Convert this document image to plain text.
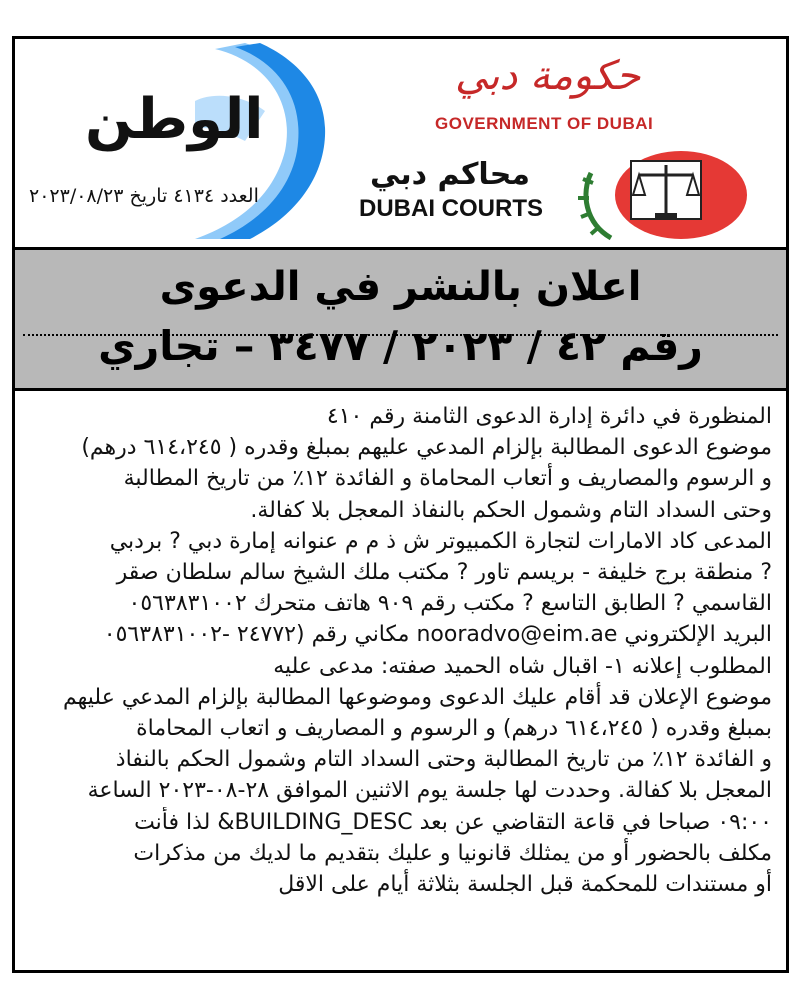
الوطن
العدد ٤١٣٤ تاريخ ٢٠٢٣/٠٨/٢٣
حكومة دبي
GOVERNMENT OF DUBAI
محاكم دبي
DUBAI COURTS
اعلان بالنشر في الدعوى
رقم ٤٢ / ٢٠٢٣ / ٣٤٧٧ – تجاري
المنظورة في دائرة إدارة الدعوى الثامنة رقم ٤١٠
موضوع الدعوى المطالبة بإلزام المدعي عليهم بمبلغ وقدره ( ٦١٤،٢٤٥ درهم)
و الرسوم والمصاريف و أتعاب المحاماة و الفائدة ١٢٪ من تاريخ المطالبة
وحتى السداد التام وشمول الحكم بالنفاذ المعجل بلا كفالة.
المدعى كاد الامارات لتجارة الكمبيوتر ش ذ م م عنوانه إمارة دبي ? بردبي
? منطقة برج خليفة - بريسم تاور ? مكتب ملك الشيخ سالم سلطان صقر
القاسمي ? الطابق التاسع ? مكتب رقم ٩٠٩ هاتف متحرك ٠٥٦٣٨٣١٠٠٢
البريد الإلكتروني nooradvo@eim.ae مكاني رقم (٢٤٧٧٢ -٠٥٦٣٨٣١٠٠٢
المطلوب إعلانه ١- اقبال شاه الحميد صفته: مدعى عليه
موضوع الإعلان قد أقام عليك الدعوى وموضوعها المطالبة بإلزام المدعي عليهم
بمبلغ وقدره ( ٦١٤،٢٤٥ درهم) و الرسوم و المصاريف و اتعاب المحاماة
و الفائدة ١٢٪ من تاريخ المطالبة وحتى السداد التام وشمول الحكم بالنفاذ
المعجل بلا كفالة. وحددت لها جلسة يوم الاثنين الموافق ٢٨-٠٨-٢٠٢٣ الساعة
٠٩:٠٠ صباحا في قاعة التقاضي عن بعد BUILDING_DESC& لذا فأنت
مكلف بالحضور أو من يمثلك قانونيا و عليك بتقديم ما لديك من مذكرات
أو مستندات للمحكمة قبل الجلسة بثلاثة أيام على الاقل
